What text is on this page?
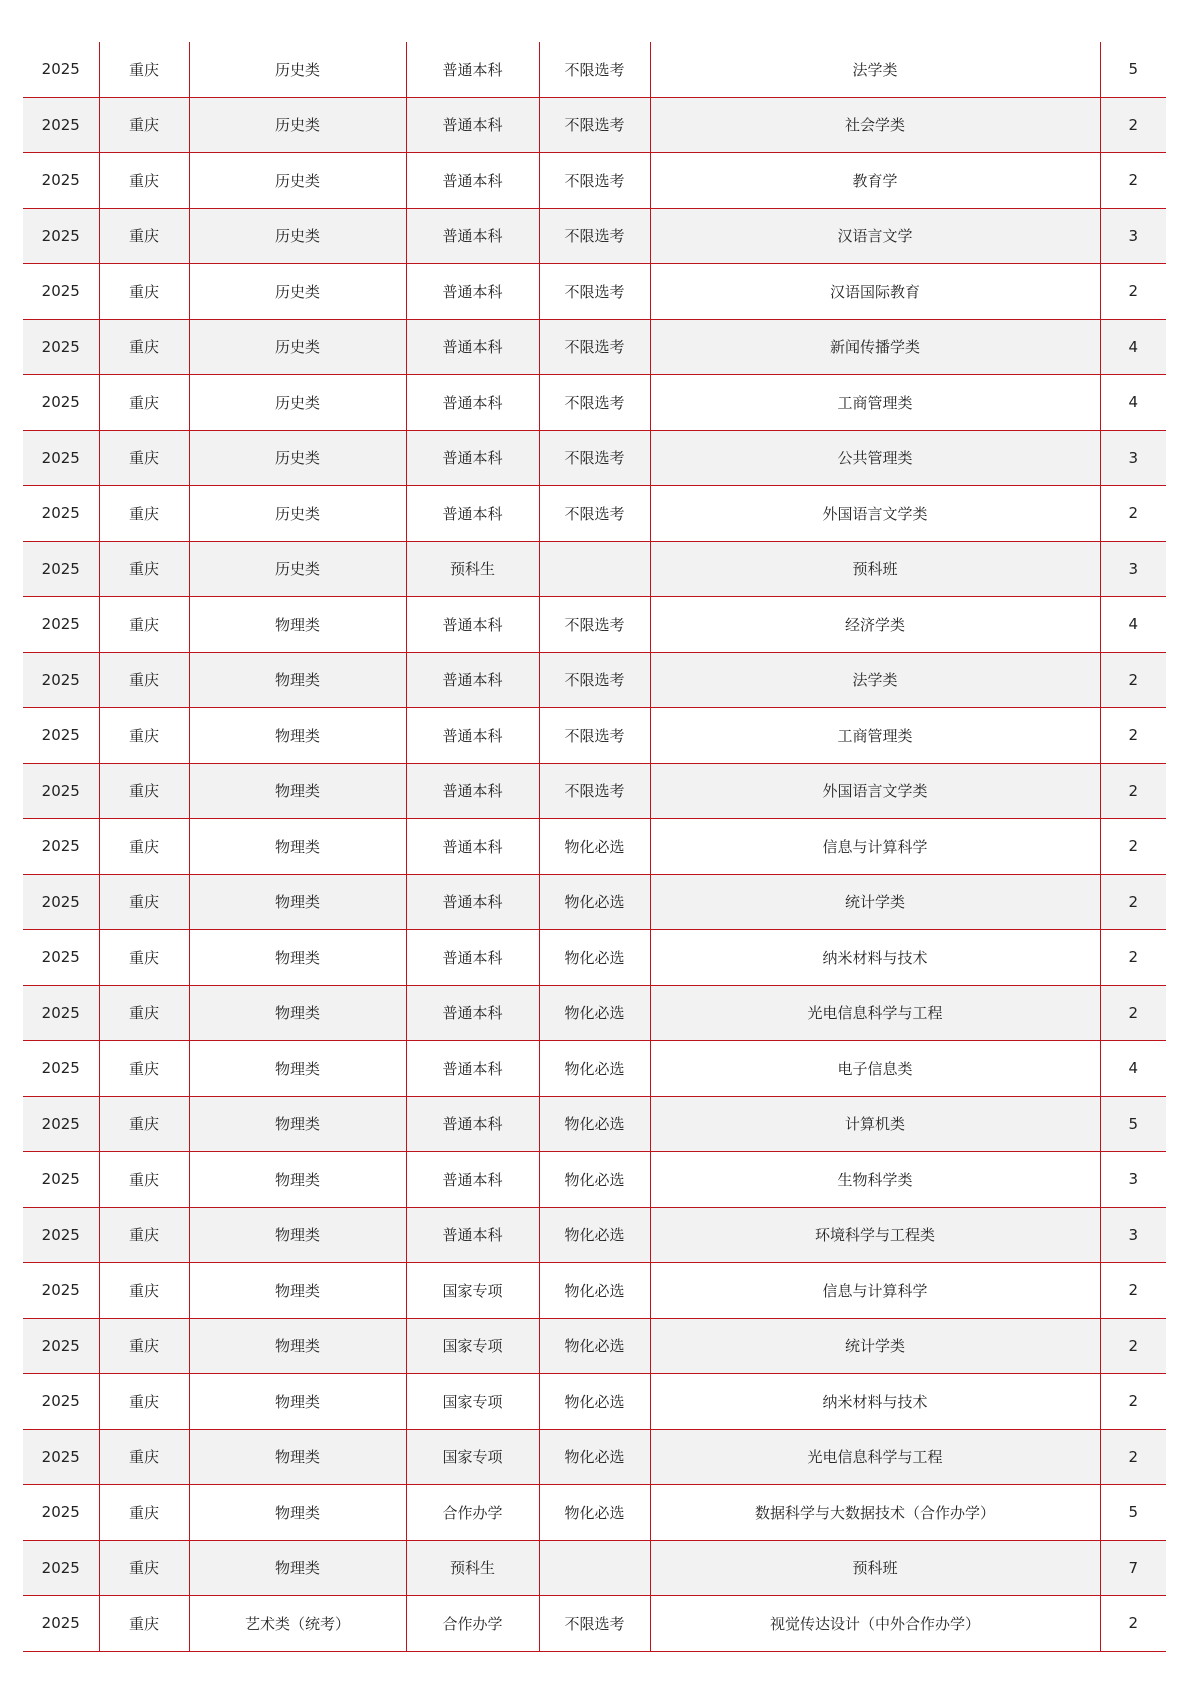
2025	重庆	历史类	普通本科	不限选考	法学类	5
2025	重庆	历史类	普通本科	不限选考	社会学类	2
2025	重庆	历史类	普通本科	不限选考	教育学	2
2025	重庆	历史类	普通本科	不限选考	汉语言文学	3
2025	重庆	历史类	普通本科	不限选考	汉语国际教育	2
2025	重庆	历史类	普通本科	不限选考	新闻传播学类	4
2025	重庆	历史类	普通本科	不限选考	工商管理类	4
2025	重庆	历史类	普通本科	不限选考	公共管理类	3
2025	重庆	历史类	普通本科	不限选考	外国语言文学类	2
2025	重庆	历史类	预科生		预科班	3
2025	重庆	物理类	普通本科	不限选考	经济学类	4
2025	重庆	物理类	普通本科	不限选考	法学类	2
2025	重庆	物理类	普通本科	不限选考	工商管理类	2
2025	重庆	物理类	普通本科	不限选考	外国语言文学类	2
2025	重庆	物理类	普通本科	物化必选	信息与计算科学	2
2025	重庆	物理类	普通本科	物化必选	统计学类	2
2025	重庆	物理类	普通本科	物化必选	纳米材料与技术	2
2025	重庆	物理类	普通本科	物化必选	光电信息科学与工程	2
2025	重庆	物理类	普通本科	物化必选	电子信息类	4
2025	重庆	物理类	普通本科	物化必选	计算机类	5
2025	重庆	物理类	普通本科	物化必选	生物科学类	3
2025	重庆	物理类	普通本科	物化必选	环境科学与工程类	3
2025	重庆	物理类	国家专项	物化必选	信息与计算科学	2
2025	重庆	物理类	国家专项	物化必选	统计学类	2
2025	重庆	物理类	国家专项	物化必选	纳米材料与技术	2
2025	重庆	物理类	国家专项	物化必选	光电信息科学与工程	2
2025	重庆	物理类	合作办学	物化必选	数据科学与大数据技术（合作办学）	5
2025	重庆	物理类	预科生		预科班	7
2025	重庆	艺术类（统考）	合作办学	不限选考	视觉传达设计（中外合作办学）	2
